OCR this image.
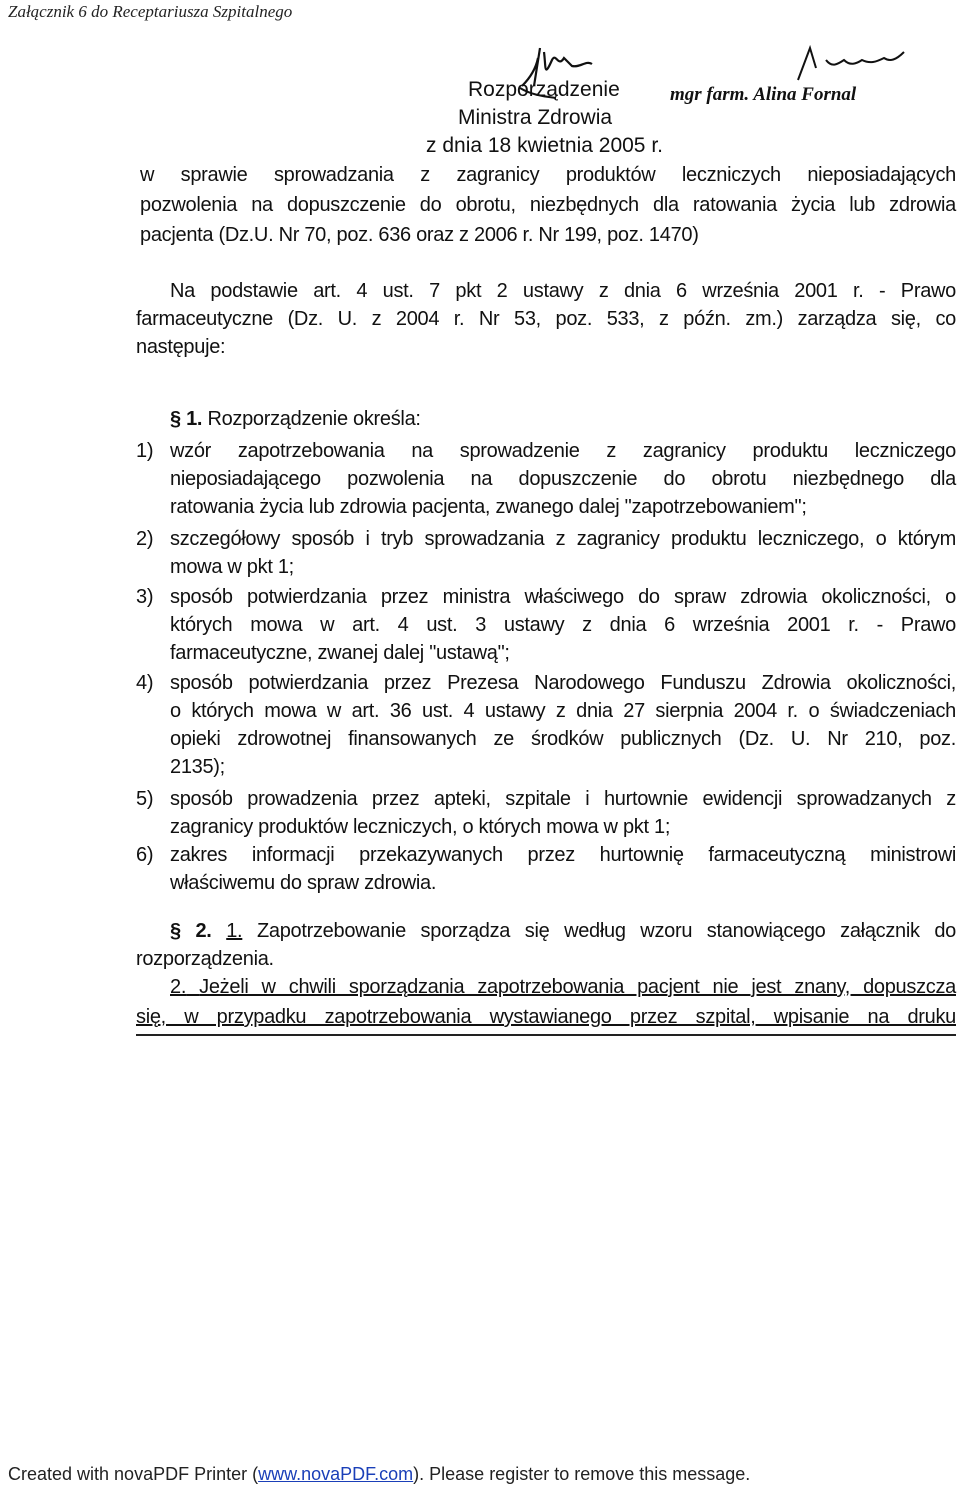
Załącznik 6 do Receptariusza Szpitalnego
mgr farm. Alina Fornal
Rozporządzenie
Ministra Zdrowia
z dnia 18 kwietnia 2005 r.
w sprawie sprowadzania z zagranicy produktów leczniczych nieposiadających
pozwolenia na dopuszczenie do obrotu, niezbędnych dla ratowania życia lub zdrowia
pacjenta (Dz.U. Nr 70, poz. 636 oraz z 2006 r. Nr 199, poz. 1470)
Na podstawie art. 4 ust. 7 pkt 2 ustawy z dnia 6 września 2001 r. - Prawo
farmaceutyczne (Dz. U. z 2004 r. Nr 53, poz. 533, z późn. zm.) zarządza się, co
następuje:
§ 1. Rozporządzenie określa:
1) wzór zapotrzebowania na sprowadzenie z zagranicy produktu leczniczego
nieposiadającego pozwolenia na dopuszczenie do obrotu niezbędnego dla
ratowania życia lub zdrowia pacjenta, zwanego dalej "zapotrzebowaniem";
2) szczegółowy sposób i tryb sprowadzania z zagranicy produktu leczniczego, o którym
mowa w pkt 1;
3) sposób potwierdzania przez ministra właściwego do spraw zdrowia okoliczności, o
których mowa w art. 4 ust. 3 ustawy z dnia 6 września 2001 r. - Prawo
farmaceutyczne, zwanej dalej "ustawą";
4) sposób potwierdzania przez Prezesa Narodowego Funduszu Zdrowia okoliczności,
o których mowa w art. 36 ust. 4 ustawy z dnia 27 sierpnia 2004 r. o świadczeniach
opieki zdrowotnej finansowanych ze środków publicznych (Dz. U. Nr 210, poz.
2135);
5) sposób prowadzenia przez apteki, szpitale i hurtownie ewidencji sprowadzanych z
zagranicy produktów leczniczych, o których mowa w pkt 1;
6) zakres informacji przekazywanych przez hurtownię farmaceutyczną ministrowi
właściwemu do spraw zdrowia.
§ 2. 1. Zapotrzebowanie sporządza się według wzoru stanowiącego załącznik do
rozporządzenia.
2. Jeżeli w chwili sporządzania zapotrzebowania pacjent nie jest znany, dopuszcza
się, w przypadku zapotrzebowania wystawianego przez szpital, wpisanie na druku
Created with novaPDF Printer (www.novaPDF.com). Please register to remove this message.
